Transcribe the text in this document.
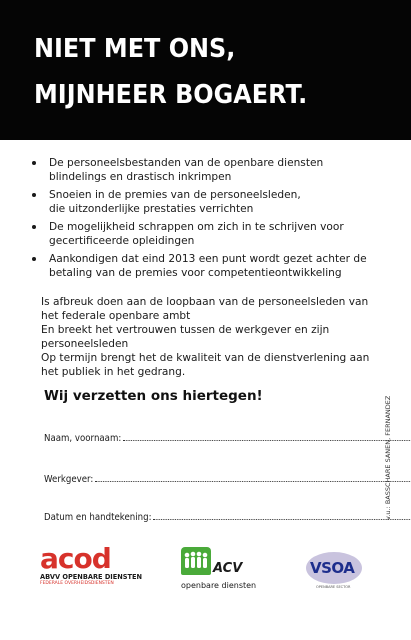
NIET MET ONS,
MIJNHEER BOGAERT.
De personeelsbestanden van de openbare diensten
blindelings en drastisch inkrimpen
Snoeien in de premies van de personeelsleden,
die uitzonderlijke prestaties verrichten
De mogelijkheid schrappen om zich in te schrijven voor
gecertificeerde opleidingen
Aankondigen dat eind 2013 een punt wordt gezet achter de
betaling van de premies voor competentieontwikkeling
Is afbreuk doen aan de loopbaan van de personeelsleden van
het federale openbare ambt
En breekt het vertrouwen tussen de werkgever en zijn
personeelsleden
Op termijn brengt het de kwaliteit van de dienstverlening aan
het publiek in het gedrang.
Wij verzetten ons hiertegen!
Naam, voornaam:
Werkgever:
Datum en handtekening:	v.u.: BASSCHARE SANEN, FERNANDEZ
acod
ABVV OPENBARE DIENSTEN
FEDERALE OVERHEIDSDIENSTEN
ACV
openbare diensten
VSOA
OPENBARE SECTOR
